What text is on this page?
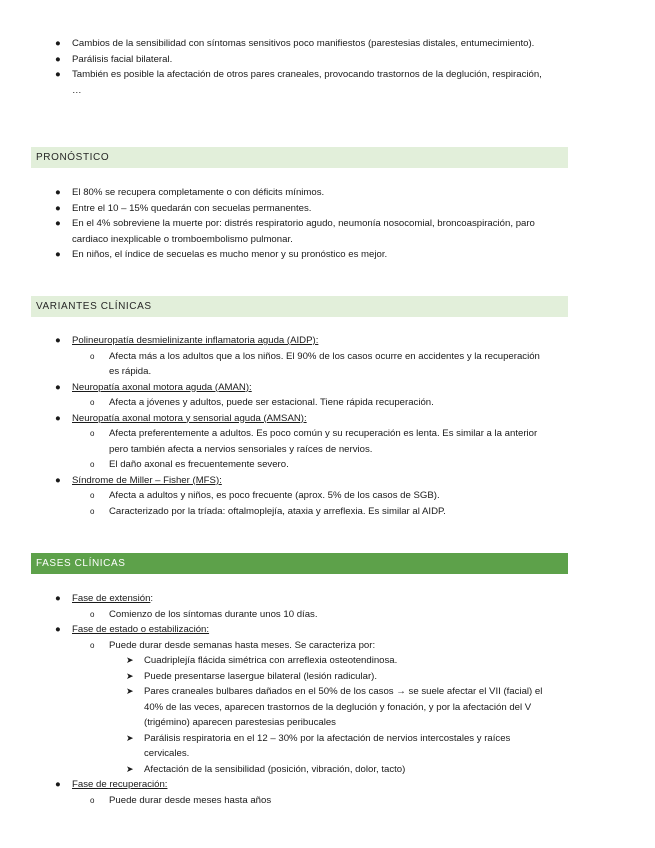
● Cambios de la sensibilidad con síntomas sensitivos poco manifiestos (parestesias distales, entumecimiento).
● Parálisis facial bilateral.
● También es posible la afectación de otros pares craneales, provocando trastornos de la deglución, respiración, …
PRONÓSTICO
● El 80% se recupera completamente o con déficits mínimos.
● Entre el 10 – 15% quedarán con secuelas permanentes.
● En el 4% sobreviene la muerte por: distrés respiratorio agudo, neumonía nosocomial, broncoaspiración, paro cardiaco inexplicable o tromboembolismo pulmonar.
● En niños, el índice de secuelas es mucho menor y su pronóstico es mejor.
VARIANTES CLÍNICAS
● Polineuropatía desmielinizante inflamatoria aguda (AIDP):
o Afecta más a los adultos que a los niños. El 90% de los casos ocurre en accidentes y la recuperación es rápida.
● Neuropatía axonal motora aguda (AMAN):
o Afecta a jóvenes y adultos, puede ser estacional. Tiene rápida recuperación.
● Neuropatía axonal motora y sensorial aguda (AMSAN):
o Afecta preferentemente a adultos. Es poco común y su recuperación es lenta. Es similar a la anterior pero también afecta a nervios sensoriales y raíces de nervios.
o El daño axonal es frecuentemente severo.
● Síndrome de Miller – Fisher (MFS):
o Afecta a adultos y niños, es poco frecuente (aprox. 5% de los casos de SGB).
o Caracterizado por la tríada: oftalmoplejía, ataxia y arreflexia. Es similar al AIDP.
FASES CLÍNICAS
● Fase de extensión:
o Comienzo de los síntomas durante unos 10 días.
● Fase de estado o estabilización:
o Puede durar desde semanas hasta meses. Se caracteriza por:
➤ Cuadriplejía flácida simétrica con arreflexia osteotendinosa.
➤ Puede presentarse lasergue bilateral (lesión radicular).
➤ Pares craneales bulbares dañados en el 50% de los casos → se suele afectar el VII (facial) el 40% de las veces, aparecen trastornos de la deglución y fonación, y por la afectación del V (trigémino) aparecen parestesias peribucales
➤ Parálisis respiratoria en el 12 – 30% por la afectación de nervios intercostales y raíces cervicales.
➤ Afectación de la sensibilidad (posición, vibración, dolor, tacto)
● Fase de recuperación:
o Puede durar desde meses hasta años
